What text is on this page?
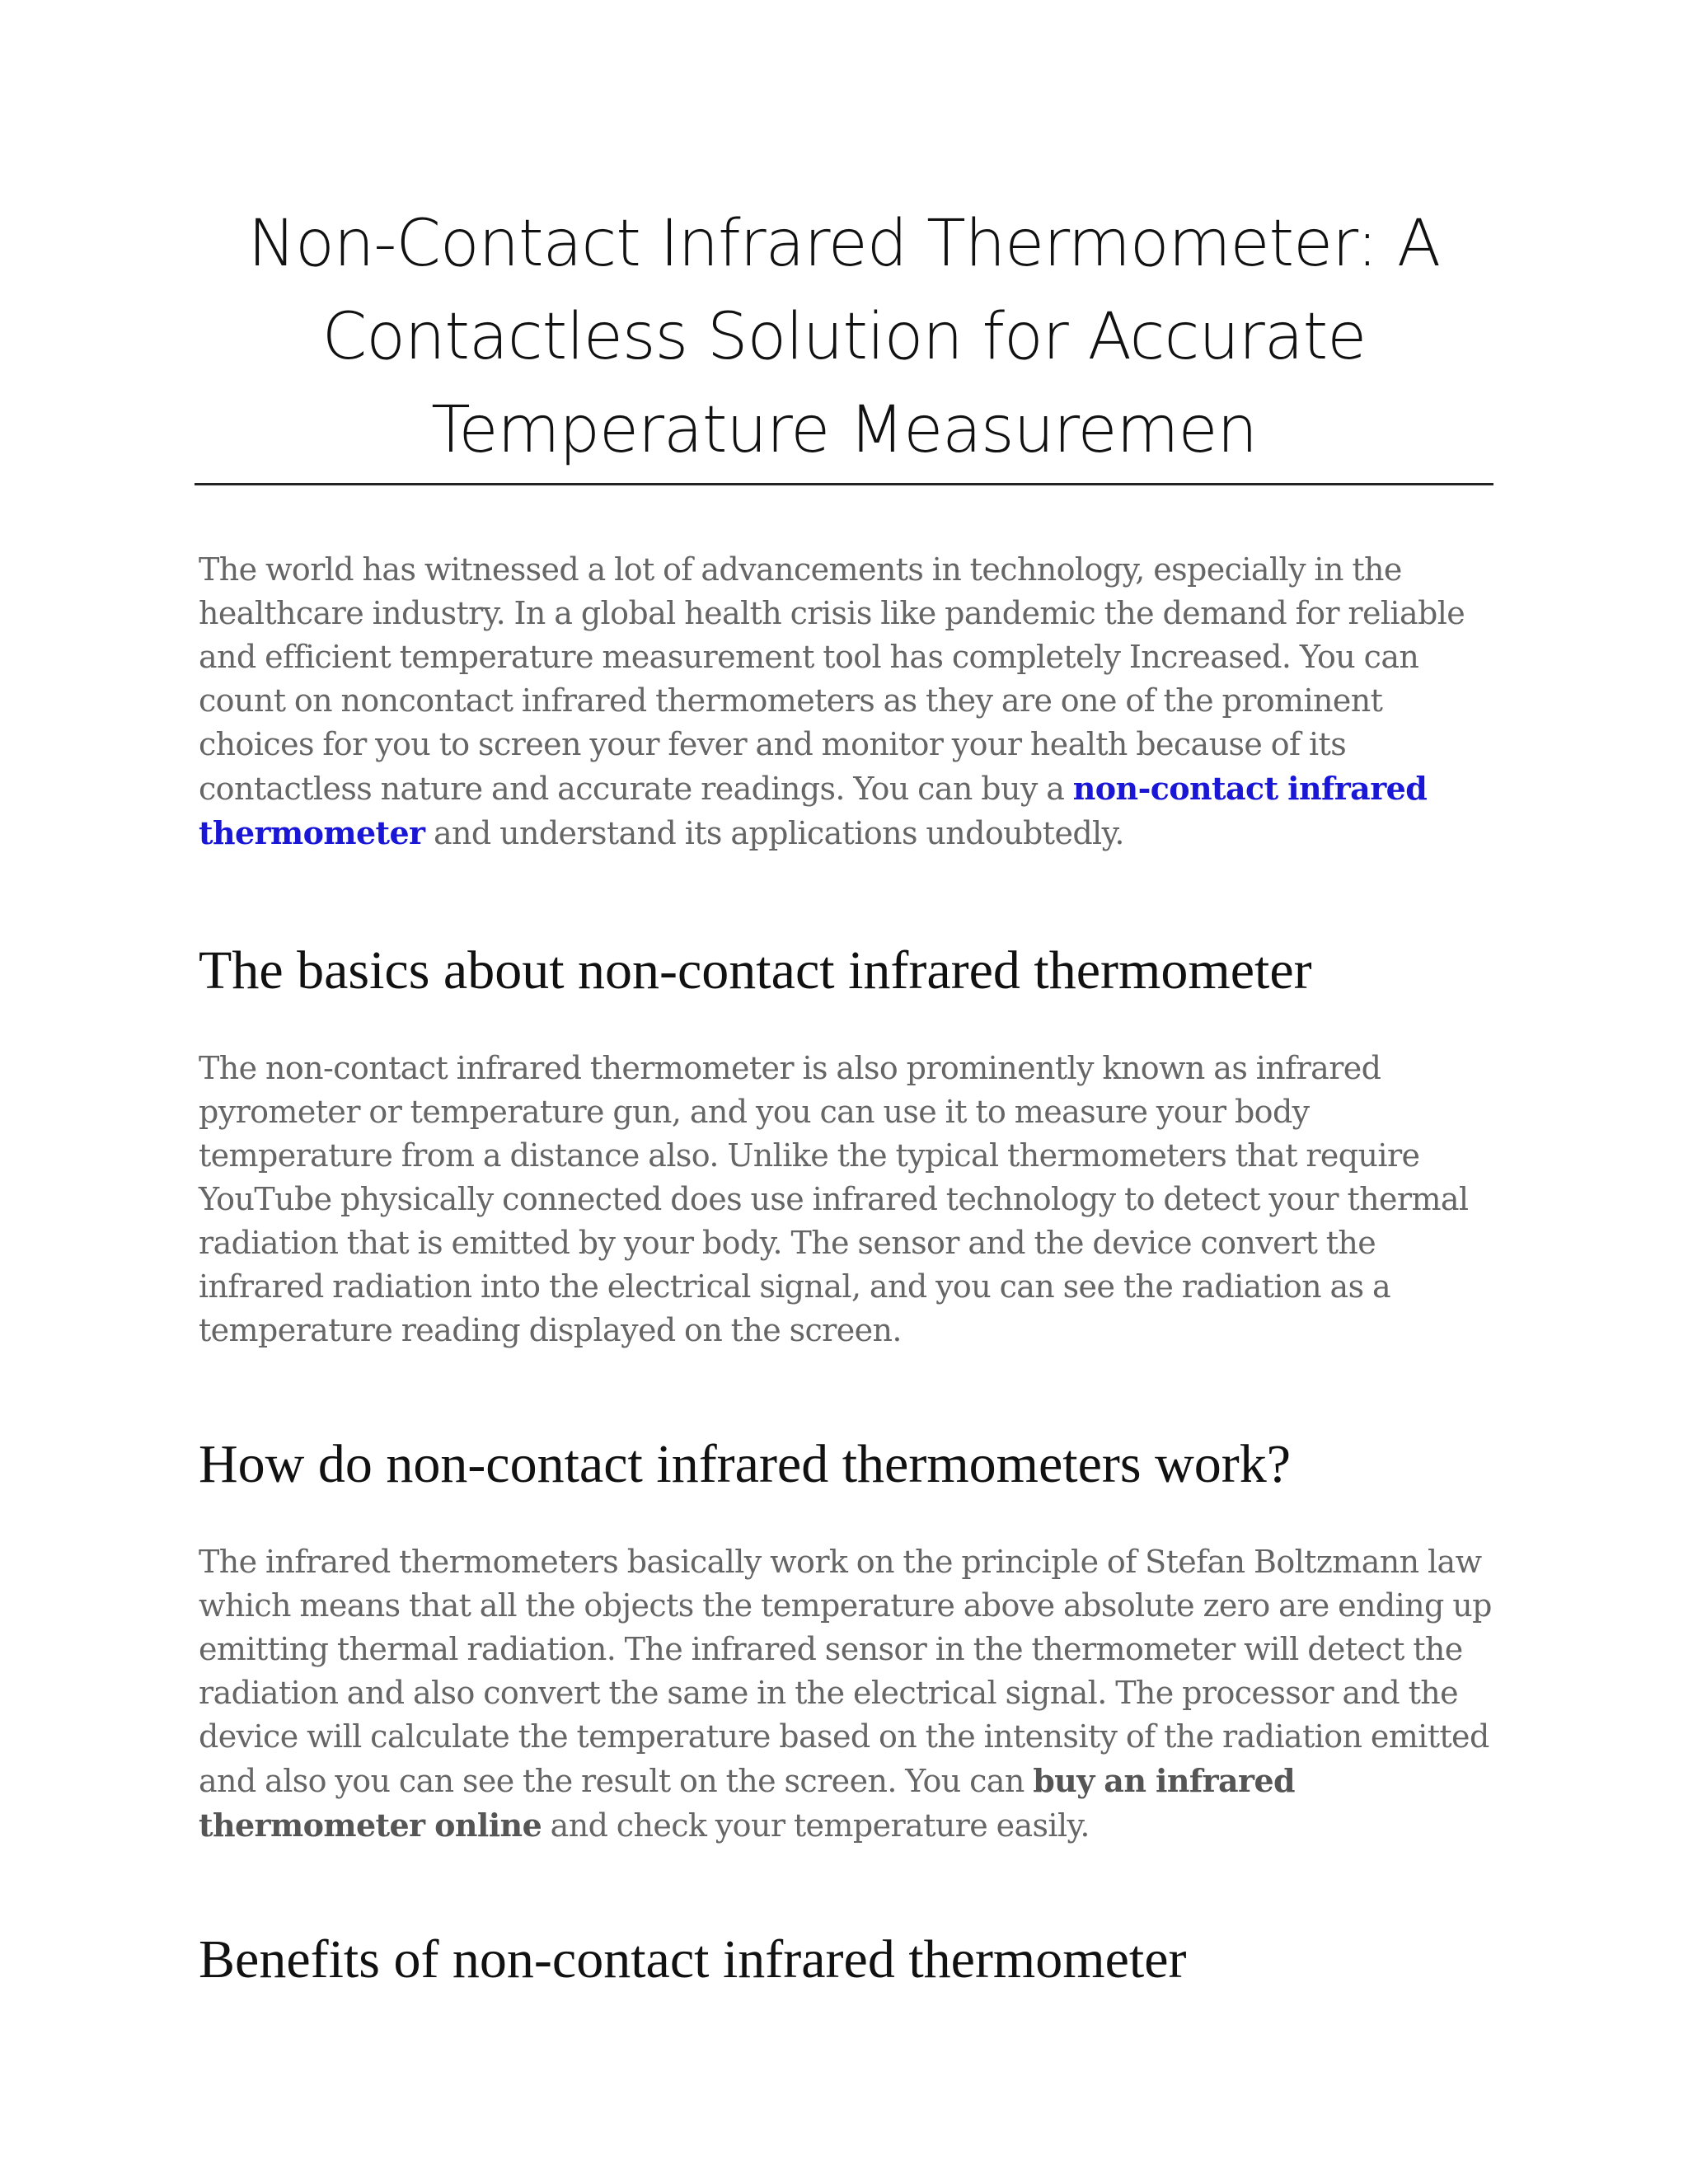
Non-Contact Infrared Thermometer: A

Contactless Solution for Accurate

Temperature Measuremen

The world has witnessed a lot of advancements in technology, especially in the healthcare industry. In a global health crisis like pandemic the demand for reliable and efficient temperature measurement tool has completely Increased. You can count on noncontact infrared thermometers as they are one of the prominent choices for you to screen your fever and monitor your health because of its contactless nature and accurate readings. You can buy a non-contact infrared thermometer and understand its applications undoubtedly.

The basics about non-contact infrared thermometer

The non-contact infrared thermometer is also prominently known as infrared pyrometer or temperature gun, and you can use it to measure your body temperature from a distance also. Unlike the typical thermometers that require YouTube physically connected does use infrared technology to detect your thermal radiation that is emitted by your body. The sensor and the device convert the infrared radiation into the electrical signal, and you can see the radiation as a temperature reading displayed on the screen.

How do non-contact infrared thermometers work?

The infrared thermometers basically work on the principle of Stefan Boltzmann law which means that all the objects the temperature above absolute zero are ending up emitting thermal radiation. The infrared sensor in the thermometer will detect the radiation and also convert the same in the electrical signal. The processor and the device will calculate the temperature based on the intensity of the radiation emitted and also you can see the result on the screen. You can buy an infrared thermometer online and check your temperature easily.

Benefits of non-contact infrared thermometer
